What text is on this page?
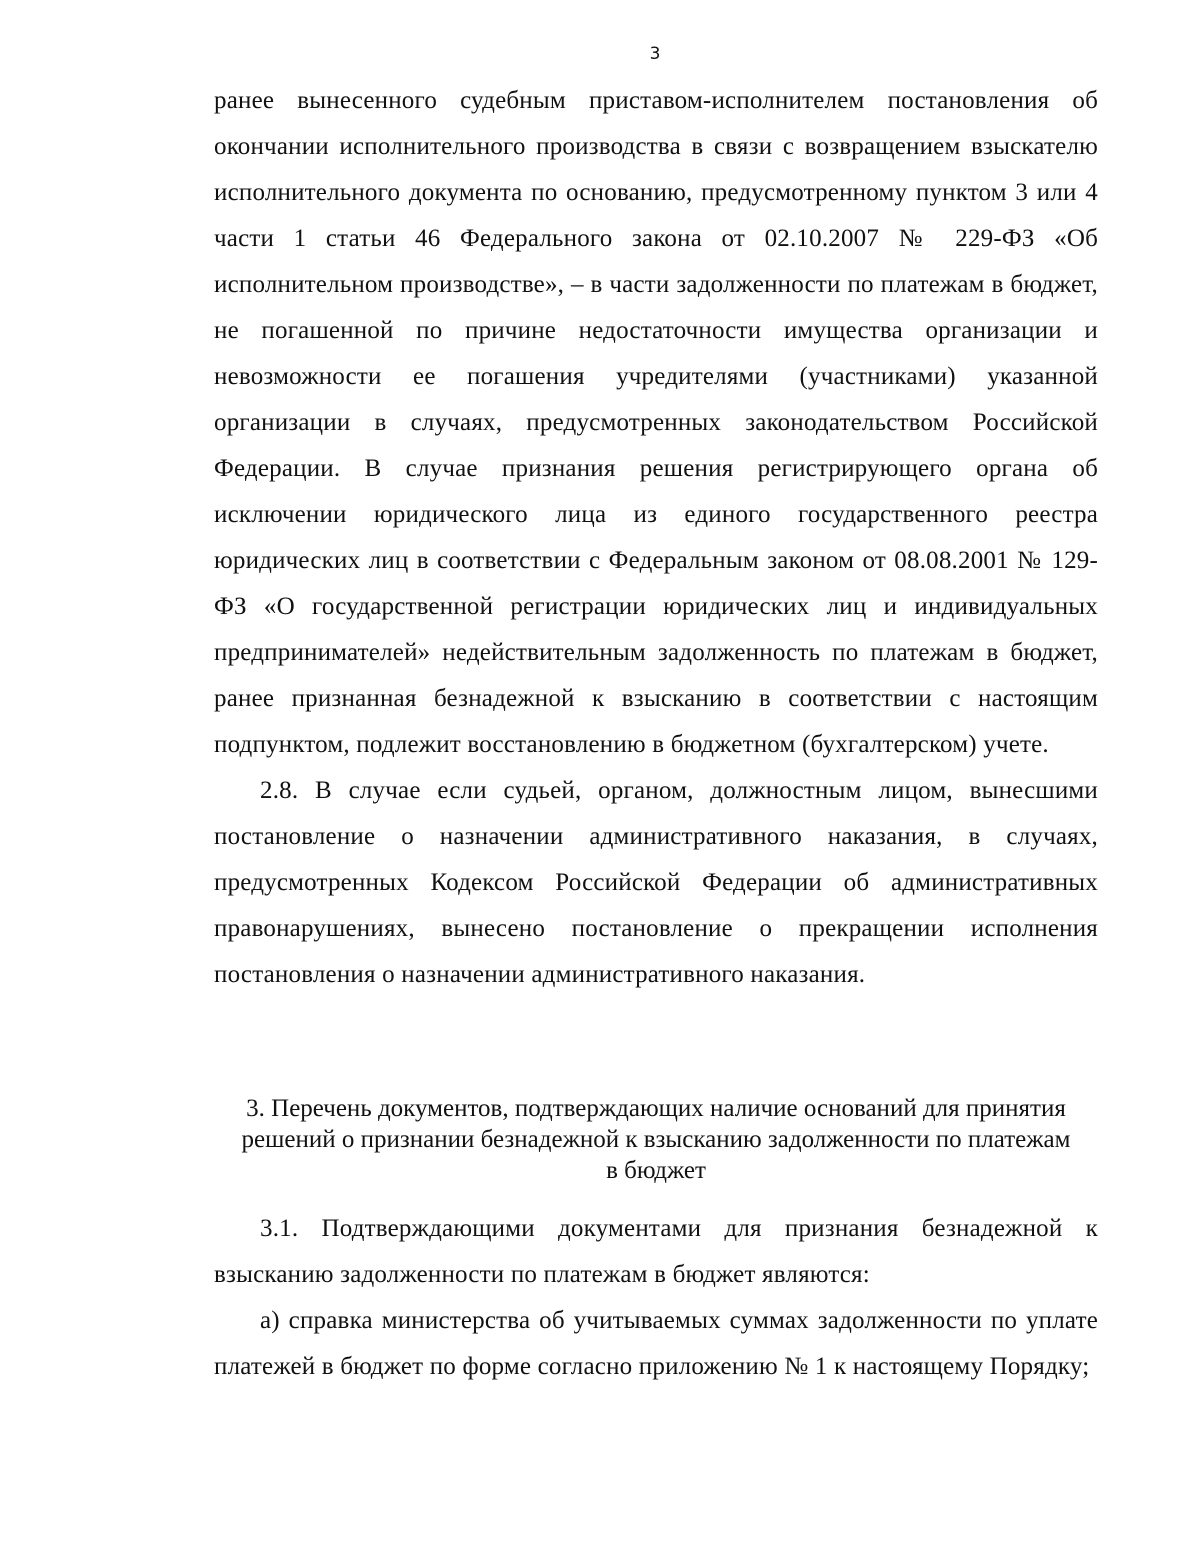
3

ранее вынесенного судебным приставом-исполнителем постановления об окончании исполнительного производства в связи с возвращением взыскателю исполнительного документа по основанию, предусмотренному пунктом 3 или 4 части 1 статьи 46 Федерального закона от 02.10.2007 № 229-ФЗ «Об исполнительном производстве», – в части задолженности по платежам в бюджет, не погашенной по причине недостаточности имущества организации и невозможности ее погашения учредителями (участниками) указанной организации в случаях, предусмотренных законодательством Российской Федерации. В случае признания решения регистрирующего органа об исключении юридического лица из единого государственного реестра юридических лиц в соответствии с Федеральным законом от 08.08.2001 № 129-ФЗ «О государственной регистрации юридических лиц и индивидуальных предпринимателей» недействительным задолженность по платежам в бюджет, ранее признанная безнадежной к взысканию в соответствии с настоящим подпунктом, подлежит восстановлению в бюджетном (бухгалтерском) учете.

2.8. В случае если судьей, органом, должностным лицом, вынесшими постановление о назначении административного наказания, в случаях, предусмотренных Кодексом Российской Федерации об административных правонарушениях, вынесено постановление о прекращении исполнения постановления о назначении административного наказания.

3. Перечень документов, подтверждающих наличие оснований для принятия
решений о признании безнадежной к взысканию задолженности по платежам
в бюджет

3.1. Подтверждающими документами для признания безнадежной к взысканию задолженности по платежам в бюджет являются:

а) справка министерства об учитываемых суммах задолженности по уплате платежей в бюджет по форме согласно приложению № 1 к настоящему Порядку;
